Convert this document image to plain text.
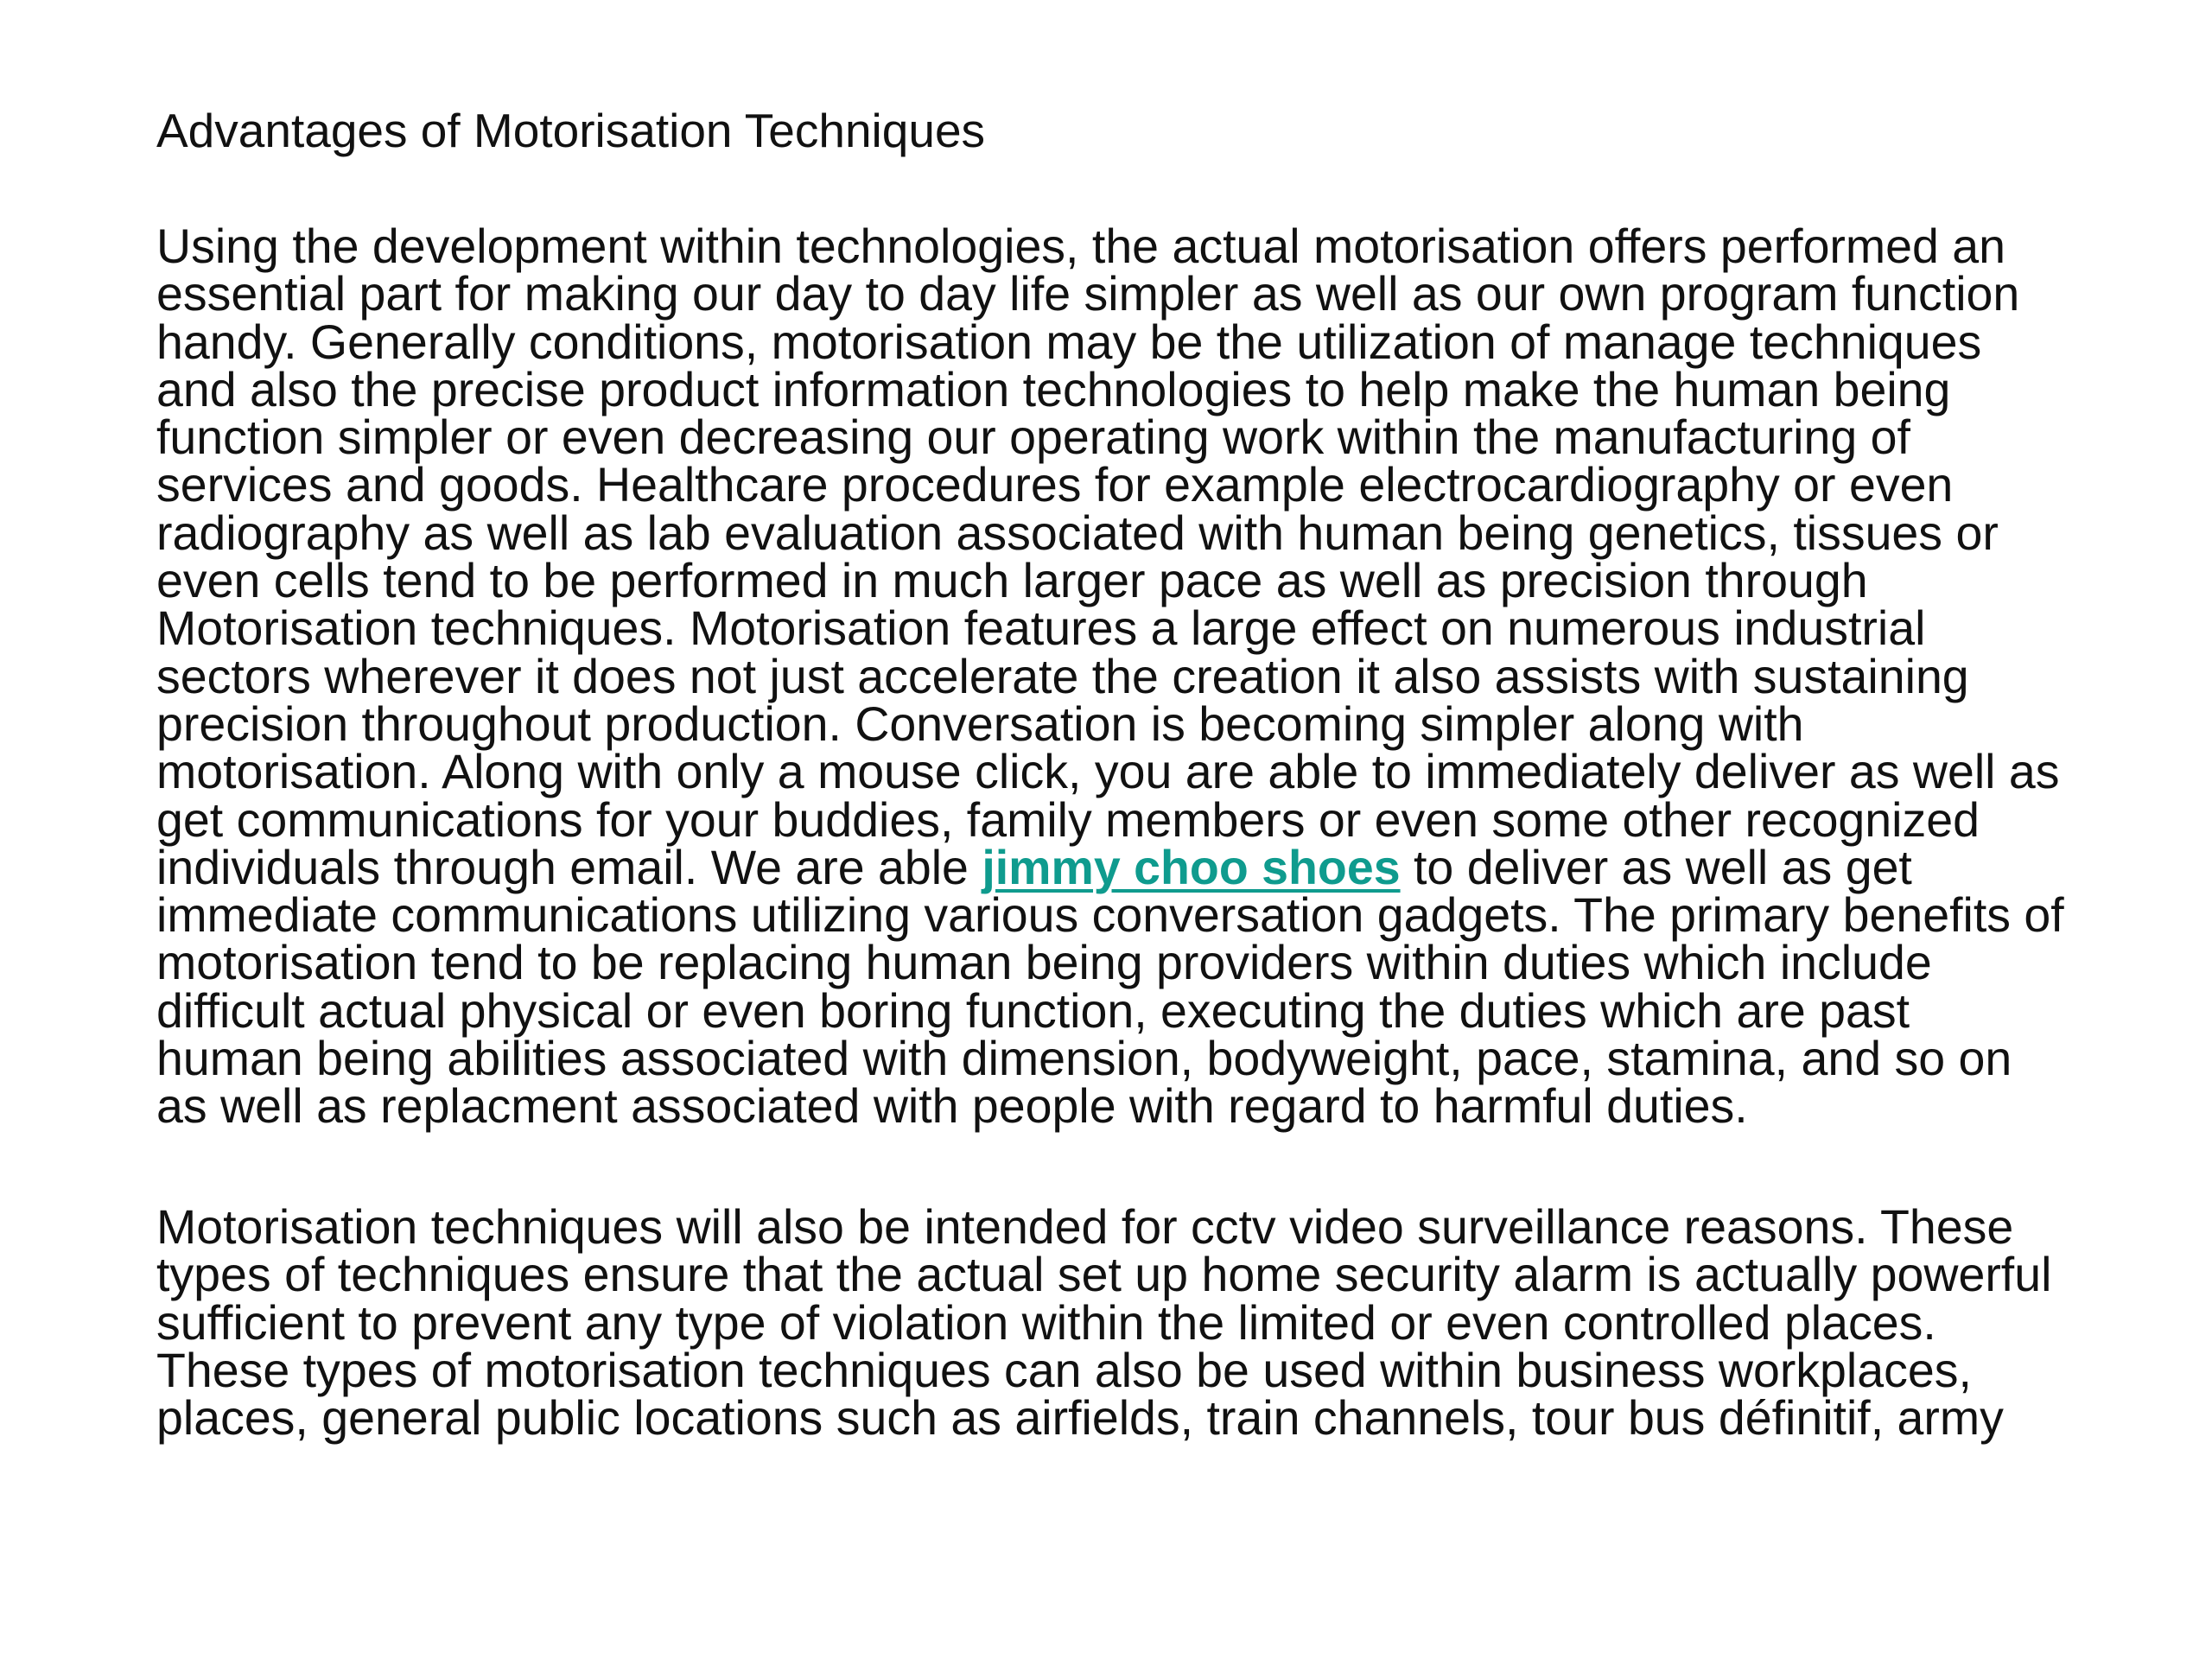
Advantages of Motorisation Techniques

Using the development within technologies, the actual motorisation offers performed an
essential part for making our day to day life simpler as well as our own program function
handy. Generally conditions, motorisation may be the utilization of manage techniques
and also the precise product information technologies to help make the human being
function simpler or even decreasing our operating work within the manufacturing of
services and goods. Healthcare procedures for example electrocardiography or even
radiography as well as lab evaluation associated with human being genetics, tissues or
even cells tend to be performed in much larger pace as well as precision through
Motorisation techniques. Motorisation features a large effect on numerous industrial
sectors wherever it does not just accelerate the creation it also assists with sustaining
precision throughout production. Conversation is becoming simpler along with
motorisation. Along with only a mouse click, you are able to immediately deliver as well as
get communications for your buddies, family members or even some other recognized
individuals through email. We are able jimmy choo shoes to deliver as well as get
immediate communications utilizing various conversation gadgets. The primary benefits of
motorisation tend to be replacing human being providers within duties which include
difficult actual physical or even boring function, executing the duties which are past
human being abilities associated with dimension, bodyweight, pace, stamina, and so on
as well as replacment associated with people with regard to harmful duties.

Motorisation techniques will also be intended for cctv video surveillance reasons. These
types of techniques ensure that the actual set up home security alarm is actually powerful
sufficient to prevent any type of violation within the limited or even controlled places.
These types of motorisation techniques can also be used within business workplaces,
places, general public locations such as airfields, train channels, tour bus définitif, army
